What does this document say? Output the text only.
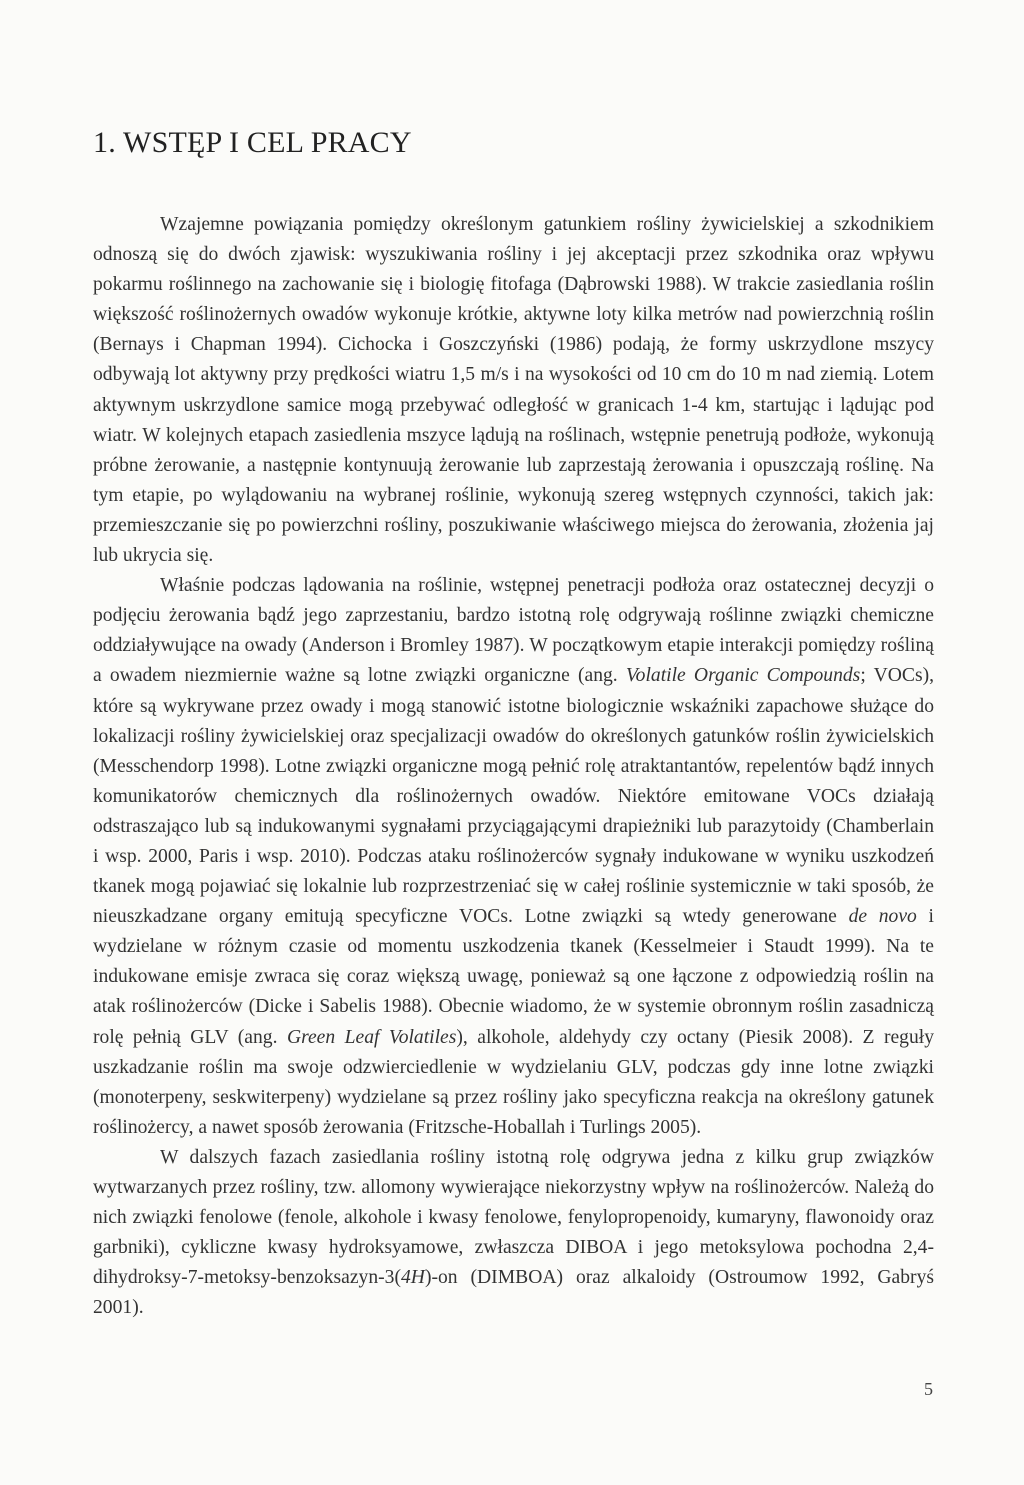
1. WSTĘP I CEL PRACY

Wzajemne powiązania pomiędzy określonym gatunkiem rośliny żywicielskiej a szkodnikiem odnoszą się do dwóch zjawisk: wyszukiwania rośliny i jej akceptacji przez szkodnika oraz wpływu pokarmu roślinnego na zachowanie się i biologię fitofaga (Dąbrowski 1988). W trakcie zasiedlania roślin większość roślinożernych owadów wykonuje krótkie, aktywne loty kilka metrów nad powierzchnią roślin (Bernays i Chapman 1994). Cichocka i Goszczyński (1986) podają, że formy uskrzydlone mszycy odbywają lot aktywny przy prędkości wiatru 1,5 m/s i na wysokości od 10 cm do 10 m nad ziemią. Lotem aktywnym uskrzydlone samice mogą przebywać odległość w granicach 1-4 km, startując i lądując pod wiatr. W kolejnych etapach zasiedlenia mszyce lądują na roślinach, wstępnie penetrują podłoże, wykonują próbne żerowanie, a następnie kontynuują żerowanie lub zaprzestają żerowania i opuszczają roślinę. Na tym etapie, po wylądowaniu na wybranej roślinie, wykonują szereg wstępnych czynności, takich jak: przemieszczanie się po powierzchni rośliny, poszukiwanie właściwego miejsca do żerowania, złożenia jaj lub ukrycia się.

Właśnie podczas lądowania na roślinie, wstępnej penetracji podłoża oraz ostatecznej decyzji o podjęciu żerowania bądź jego zaprzestaniu, bardzo istotną rolę odgrywają roślinne związki chemiczne oddziaływujące na owady (Anderson i Bromley 1987). W początkowym etapie interakcji pomiędzy rośliną a owadem niezmiernie ważne są lotne związki organiczne (ang. Volatile Organic Compounds; VOCs), które są wykrywane przez owady i mogą stanowić istotne biologicznie wskaźniki zapachowe służące do lokalizacji rośliny żywicielskiej oraz specjalizacji owadów do określonych gatunków roślin żywicielskich (Messchendorp 1998). Lotne związki organiczne mogą pełnić rolę atraktantantów, repelentów bądź innych komunikatorów chemicznych dla roślinożernych owadów. Niektóre emitowane VOCs działają odstraszająco lub są indukowanymi sygnałami przyciągającymi drapieżniki lub parazytoidy (Chamberlain i wsp. 2000, Paris i wsp. 2010). Podczas ataku roślinożerców sygnały indukowane w wyniku uszkodzeń tkanek mogą pojawiać się lokalnie lub rozprzestrzeniać się w całej roślinie systemicznie w taki sposób, że nieuszkadzane organy emitują specyficzne VOCs. Lotne związki są wtedy generowane de novo i wydzielane w różnym czasie od momentu uszkodzenia tkanek (Kesselmeier i Staudt 1999). Na te indukowane emisje zwraca się coraz większą uwagę, ponieważ są one łączone z odpowiedzią roślin na atak roślinożerców (Dicke i Sabelis 1988). Obecnie wiadomo, że w systemie obronnym roślin zasadniczą rolę pełnią GLV (ang. Green Leaf Volatiles), alkohole, aldehydy czy octany (Piesik 2008). Z reguły uszkadzanie roślin ma swoje odzwierciedlenie w wydzielaniu GLV, podczas gdy inne lotne związki (monoterpeny, seskwiterpeny) wydzielane są przez rośliny jako specyficzna reakcja na określony gatunek roślinożercy, a nawet sposób żerowania (Fritzsche-Hoballah i Turlings 2005).

W dalszych fazach zasiedlania rośliny istotną rolę odgrywa jedna z kilku grup związków wytwarzanych przez rośliny, tzw. allomony wywierające niekorzystny wpływ na roślinożerców. Należą do nich związki fenolowe (fenole, alkohole i kwasy fenolowe, fenylopropenoidy, kumaryny, flawonoidy oraz garbniki), cykliczne kwasy hydroksyamowe, zwłaszcza DIBOA i jego metoksylowa pochodna 2,4-dihydroksy-7-metoksy-benzoksazyn-3(4H)-on (DIMBOA) oraz alkaloidy (Ostroumow 1992, Gabryś 2001).

5
